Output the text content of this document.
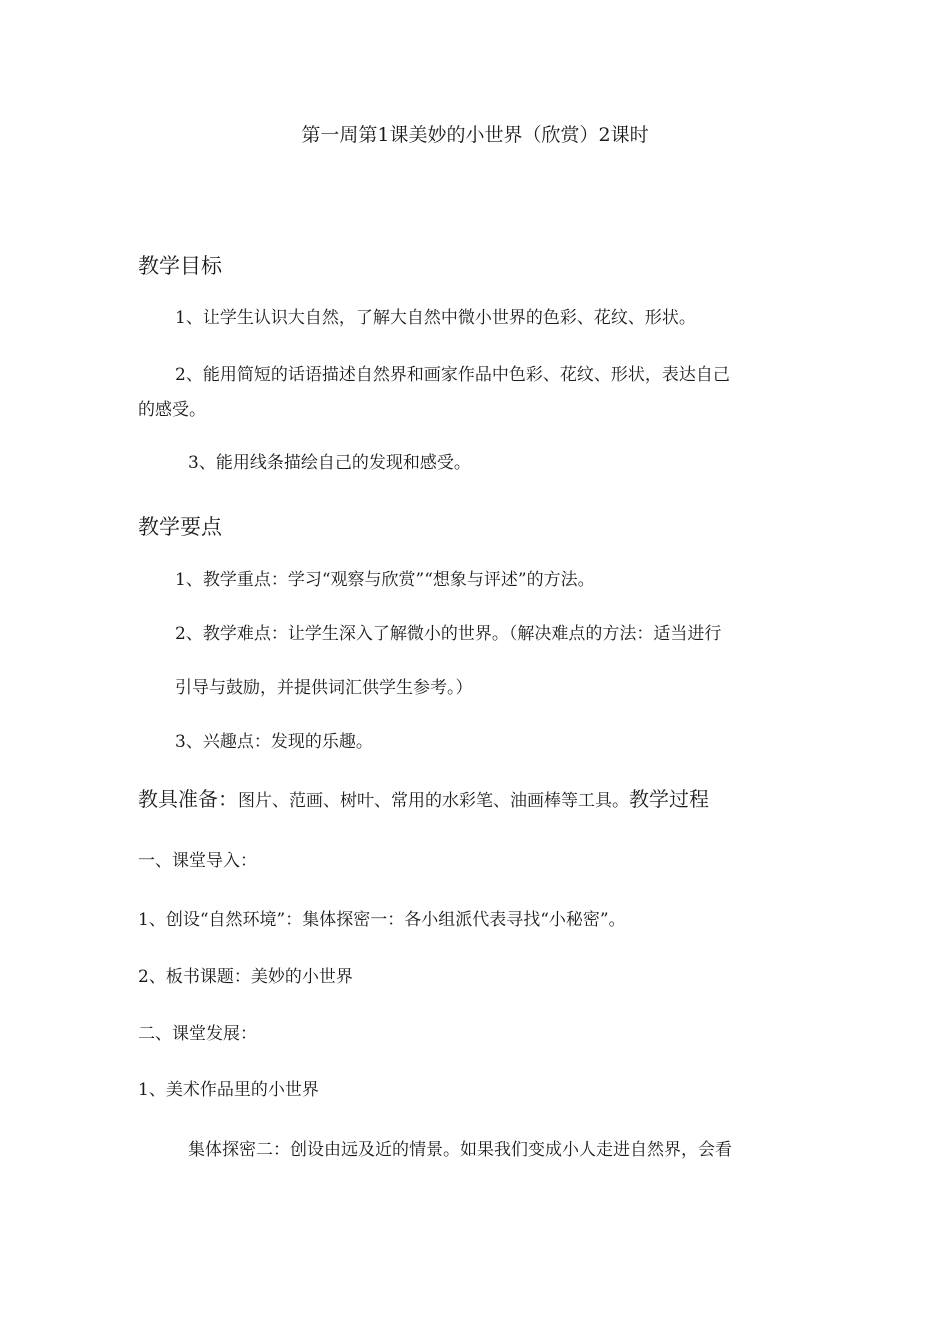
第一周第1课美妙的小世界（欣赏）2课时
教学目标
1、让学生认识大自然，了解大自然中微小世界的色彩、花纹、形状。
2、能用简短的话语描述自然界和画家作品中色彩、花纹、形状，表达自己
的感受。
3、能用线条描绘自己的发现和感受。
教学要点
1、教学重点：学习“观察与欣赏”“想象与评述”的方法。
2、教学难点：让学生深入了解微小的世界。（解决难点的方法：适当进行
引导与鼓励，并提供词汇供学生参考。）
3、兴趣点：发现的乐趣。
教具准备：图片、范画、树叶、常用的水彩笔、油画棒等工具。教学过程
一、课堂导入：
1、创设“自然环境”：集体探密一：各小组派代表寻找“小秘密”。
2、板书课题：美妙的小世界
二、课堂发展：
1、美术作品里的小世界
集体探密二：创设由远及近的情景。如果我们变成小人走进自然界，会看
